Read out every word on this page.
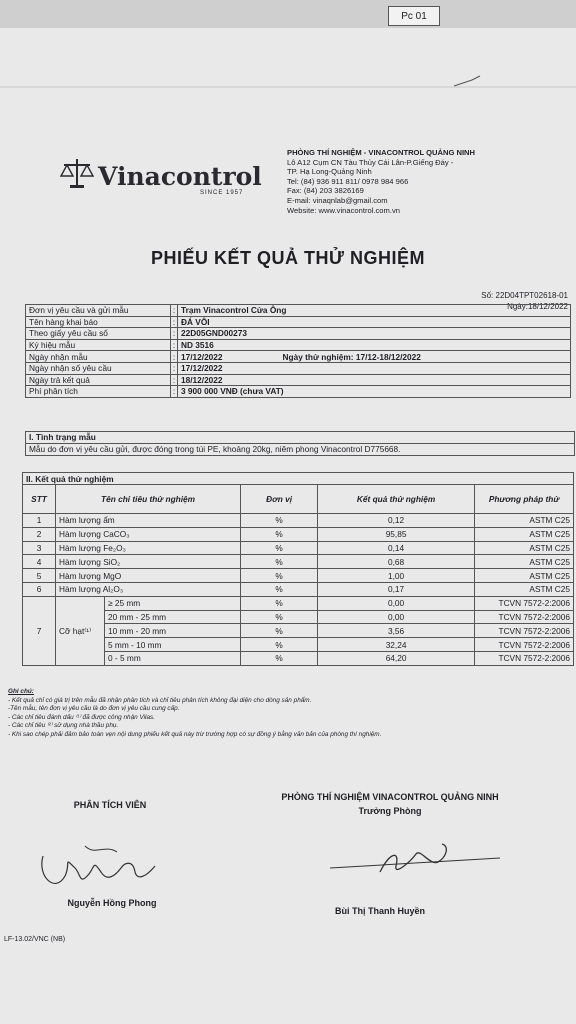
Pc 01
Vinacontrol
SINCE 1957
PHÒNG THÍ NGHIỆM - VINACONTROL QUẢNG NINH
Lô A12 Cụm CN Tàu Thủy Cái Lân-P.Giếng Đáy -
TP. Hạ Long-Quảng Ninh
Tel: (84) 936 911 811/ 0978 984 966
Fax: (84) 203 3826169
E-mail: vinaqnlab@gmail.com
Website: www.vinacontrol.com.vn
PHIẾU KẾT QUẢ THỬ NGHIỆM
Số: 22D04TPT02618-01
Ngày:18/12/2022
Đơn vị yêu cầu và gửi mẫu	:	Trạm Vinacontrol Cửa Ông
Tên hàng khai báo	:	ĐÁ VÔI
Theo giấy yêu cầu số	:	22D05GND00273
Ký hiệu mẫu	:	ND 3516
Ngày nhận mẫu	:	17/12/2022 Ngày thử nghiệm: 17/12-18/12/2022
Ngày nhận số yêu cầu	:	17/12/2022
Ngày trả kết quả	:	18/12/2022
Phí phân tích	:	3 900 000 VNĐ (chưa VAT)
I. Tình trạng mẫu
Mẫu do đơn vị yêu cầu gửi, được đóng trong túi PE, khoảng 20kg, niêm phong Vinacontrol D775668.
II. Kết quả thử nghiệm					
STT	Tên chỉ tiêu thử nghiệm		Đơn vị	Kết quả thử nghiệm	Phương pháp thử
1	Hàm lượng ẩm		%	0,12	ASTM C25
2	Hàm lượng CaCO₃		%	95,85	ASTM C25
3	Hàm lượng Fe₂O₃		%	0,14	ASTM C25
4	Hàm lượng SiO₂		%	0,68	ASTM C25
5	Hàm lượng MgO		%	1,00	ASTM C25
6	Hàm lượng Al₂O₃		%	0,17	ASTM C25
7	Cỡ hạt⁽¹⁾	≥ 25 mm	%	0,00	TCVN 7572-2:2006
		20 mm - 25 mm	%	0,00	TCVN 7572-2:2006
		10 mm - 20 mm	%	3,56	TCVN 7572-2:2006
		5 mm - 10 mm	%	32,24	TCVN 7572-2:2006
		0 - 5 mm	%	64,20	TCVN 7572-2:2006
Ghi chú:
- Kết quả chỉ có giá trị trên mẫu đã nhận phân tích và chỉ tiêu phân tích không đại diện cho dòng sản phẩm.
-Tên mẫu, tên đơn vị yêu cầu là do đơn vị yêu cầu cung cấp.
- Các chỉ tiêu đánh dấu ⁽¹⁾ đã được công nhận Vilas.
- Các chỉ tiêu ⁽²⁾ sử dụng nhà thầu phụ.
- Khi sao chép phải đảm bảo toàn vẹn nội dung phiếu kết quả này trừ trường hợp có sự đồng ý bằng văn bản của phòng thí nghiệm.
PHÂN TÍCH VIÊN
Nguyễn Hồng Phong
PHÒNG THÍ NGHIỆM VINACONTROL QUẢNG NINH
Trưởng Phòng
Bùi Thị Thanh Huyền
LF-13.02/VNC (NB)
